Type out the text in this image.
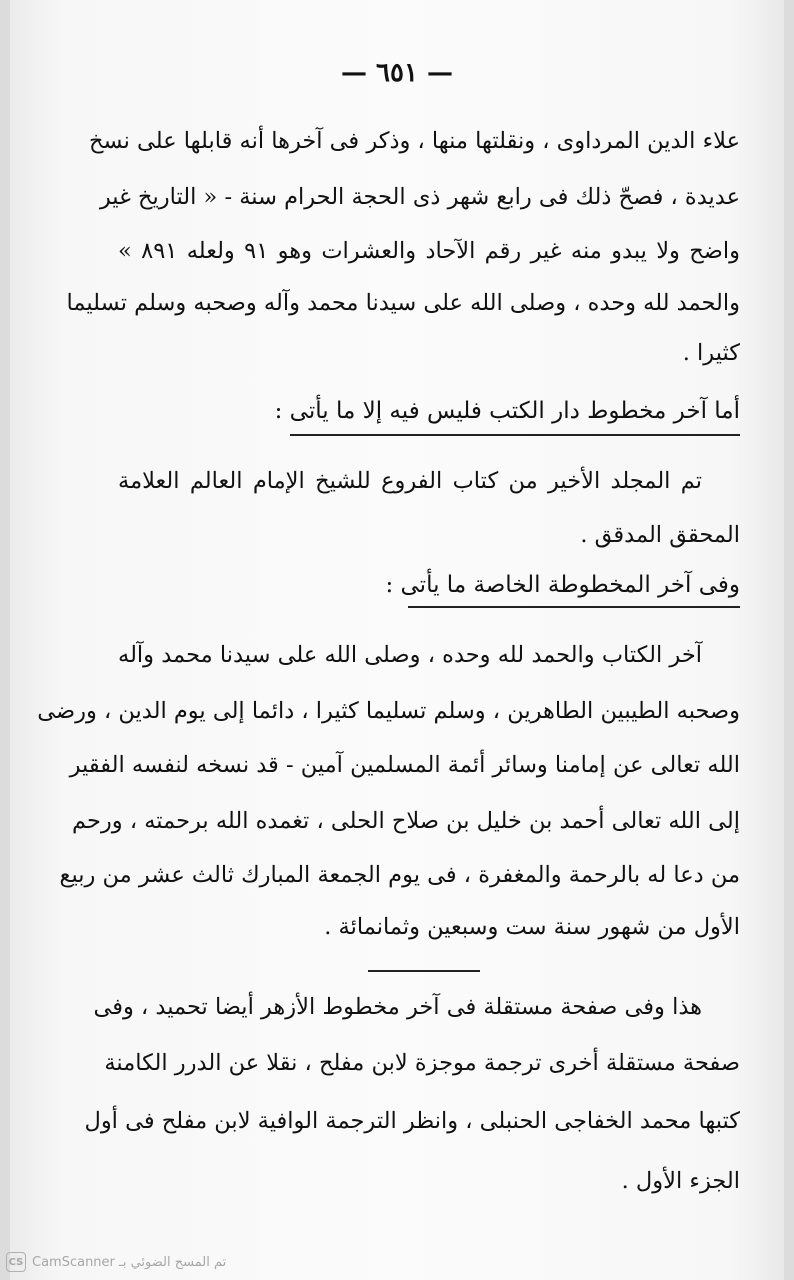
— ٦٥١ —
علاء الدين المرداوى ، ونقلتها منها ، وذكر فى آخرها أنه قابلها على نسخ
عديدة ، فصحّ ذلك فى رابع شهر ذى الحجة الحرام سنة - « التاريخ غير
واضح ولا يبدو منه غير رقم الآحاد والعشرات وهو ٩١ ولعله ٨٩١ »
والحمد لله وحده ، وصلى الله على سيدنا محمد وآله وصحبه وسلم تسليما
كثيرا .
أما آخر مخطوط دار الكتب فليس فيه إلا ما يأتى :
تم المجلد الأخير من كتاب الفروع للشيخ الإمام العالم العلامة
المحقق المدقق .
وفى آخر المخطوطة الخاصة ما يأتى :
آخر الكتاب والحمد لله وحده ، وصلى الله على سيدنا محمد وآله
وصحبه الطيبين الطاهرين ، وسلم تسليما كثيرا ، دائما إلى يوم الدين ، ورضى
الله تعالى عن إمامنا وسائر أئمة المسلمين آمين - قد نسخه لنفسه الفقير
إلى الله تعالى أحمد بن خليل بن صلاح الحلى ، تغمده الله برحمته ، ورحم
من دعا له بالرحمة والمغفرة ، فى يوم الجمعة المبارك ثالث عشر من ربيع
الأول من شهور سنة ست وسبعين وثمانمائة .
هذا وفى صفحة مستقلة فى آخر مخطوط الأزهر أيضا تحميد ، وفى
صفحة مستقلة أخرى ترجمة موجزة لابن مفلح ، نقلا عن الدرر الكامنة
كتبها محمد الخفاجى الحنبلى ، وانظر الترجمة الوافية لابن مفلح فى أول
الجزء الأول .
تم المسح الضوئي بـ CamScanner
CS
